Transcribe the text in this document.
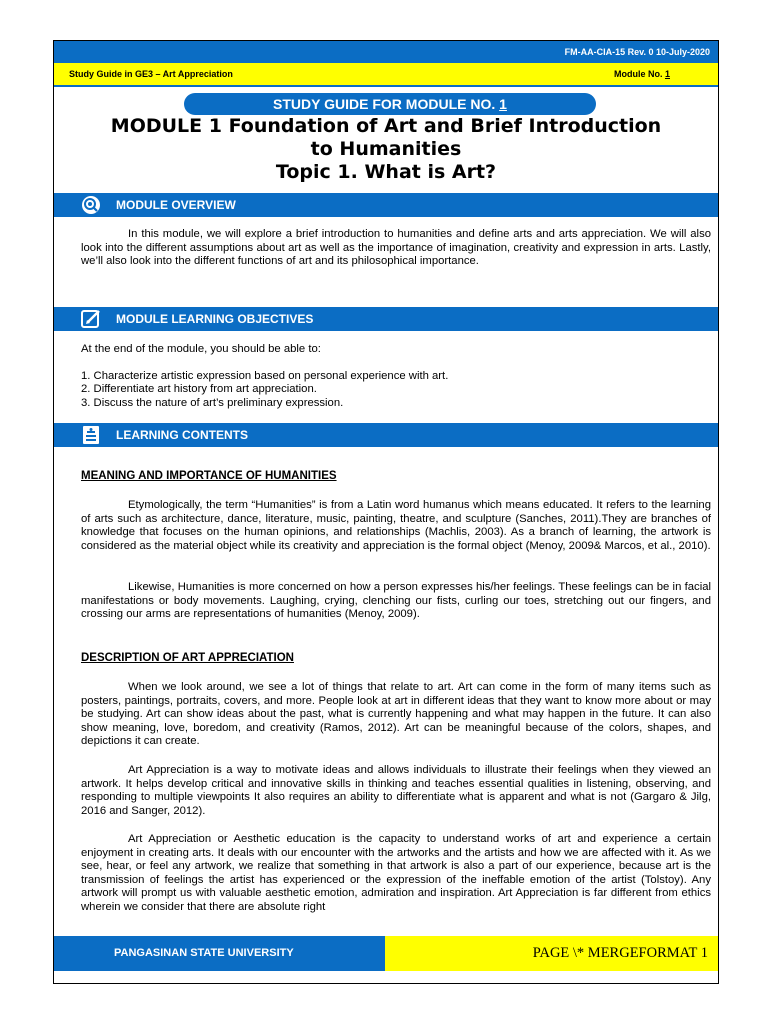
FM-AA-CIA-15 Rev. 0 10-July-2020
Study Guide in GE3 – Art Appreciation	Module No. 1
STUDY GUIDE FOR MODULE NO. 1
MODULE 1 Foundation of Art and Brief Introduction
to Humanities
Topic 1. What is Art?
MODULE OVERVIEW

In this module, we will explore a brief introduction to humanities and define arts and arts appreciation. We will also look into the different assumptions about art as well as the importance of imagination, creativity and expression in arts. Lastly, we’ll also look into the different functions of art and its philosophical importance.

MODULE LEARNING OBJECTIVES

At the end of the module, you should be able to:

1. Characterize artistic expression based on personal experience with art.

2. Differentiate art history from art appreciation.

3. Discuss the nature of art’s preliminary expression.

LEARNING CONTENTS
MEANING AND IMPORTANCE OF HUMANITIES

Etymologically, the term “Humanities” is from a Latin word humanus which means educated. It refers to the learning of arts such as architecture, dance, literature, music, painting, theatre, and sculpture (Sanches, 2011).They are branches of knowledge that focuses on the human opinions, and relationships (Machlis, 2003). As a branch of learning, the artwork is considered as the material object while its creativity and appreciation is the formal object (Menoy, 2009& Marcos, et al., 2010).

Likewise, Humanities is more concerned on how a person expresses his/her feelings. These feelings can be in facial manifestations or body movements. Laughing, crying, clenching our fists, curling our toes, stretching out our fingers, and crossing our arms are representations of humanities (Menoy, 2009).

DESCRIPTION OF ART APPRECIATION

When we look around, we see a lot of things that relate to art. Art can come in the form of many items such as posters, paintings, portraits, covers, and more. People look at art in different ideas that they want to know more about or may be studying. Art can show ideas about the past, what is currently happening and what may happen in the future. It can also show meaning, love, boredom, and creativity (Ramos, 2012). Art can be meaningful because of the colors, shapes, and depictions it can create.

Art Appreciation is a way to motivate ideas and allows individuals to illustrate their feelings when they viewed an artwork. It helps develop critical and innovative skills in thinking and teaches essential qualities in listening, observing, and responding to multiple viewpoints It also requires an ability to differentiate what is apparent and what is not (Gargaro & Jilg, 2016 and Sanger, 2012).

Art Appreciation or Aesthetic education is the capacity to understand works of art and experience a certain enjoyment in creating arts. It deals with our encounter with the artworks and the artists and how we are affected with it. As we see, hear, or feel any artwork, we realize that something in that artwork is also a part of our experience, because art is the transmission of feelings the artist has experienced or the expression of the ineffable emotion of the artist (Tolstoy). Any artwork will prompt us with valuable aesthetic emotion, admiration and inspiration. Art Appreciation is far different from ethics wherein we consider that there are absolute right

PANGASINAN STATE UNIVERSITY	PAGE \* MERGEFORMAT 1
